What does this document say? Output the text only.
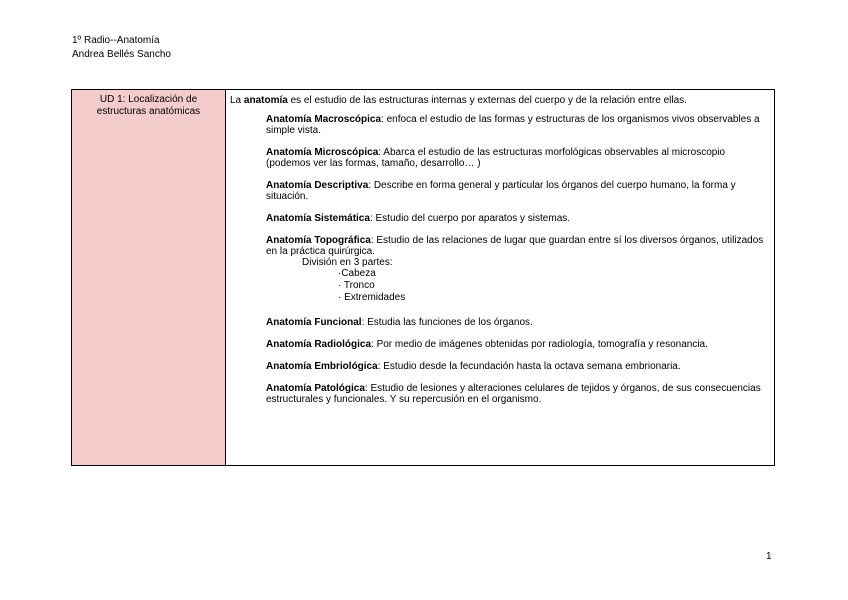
1º Radio--Anatomía
Andrea Bellés Sancho
UD 1: Localización de estructuras anatómicas

La anatomía es el estudio de las estructuras internas y externas del cuerpo y de la relación entre ellas.

Anatomía Macroscópica: enfoca el estudio de las formas y estructuras de los organismos vivos observables a simple vista.

Anatomía Microscópica: Abarca el estudio de las estructuras morfológicas observables al microscopio (podemos ver las formas, tamaño, desarrollo… )

Anatomía Descriptiva: Describe en forma general y particular los órganos del cuerpo humano, la forma y situación.

Anatomía Sistemática: Estudio del cuerpo por aparatos y sistemas.

Anatomía Topográfica: Estudio de las relaciones de lugar que guardan entre sí los diversos órganos, utilizados en la práctica quirúrgica.

División en 3 partes:
·Cabeza
· Tronco
· Extremidades

Anatomía Funcional: Estudia las funciones de los órganos.

Anatomía Radiológica: Por medio de imágenes obtenidas por radiología, tomografía y resonancia.

Anatomía Embriológica: Estudio desde la fecundación hasta la octava semana embrionaria.

Anatomía Patológica: Estudio de lesiones y alteraciones celulares de tejidos y órganos, de sus consecuencias estructurales y funcionales. Y su repercusión en el organismo.

1
